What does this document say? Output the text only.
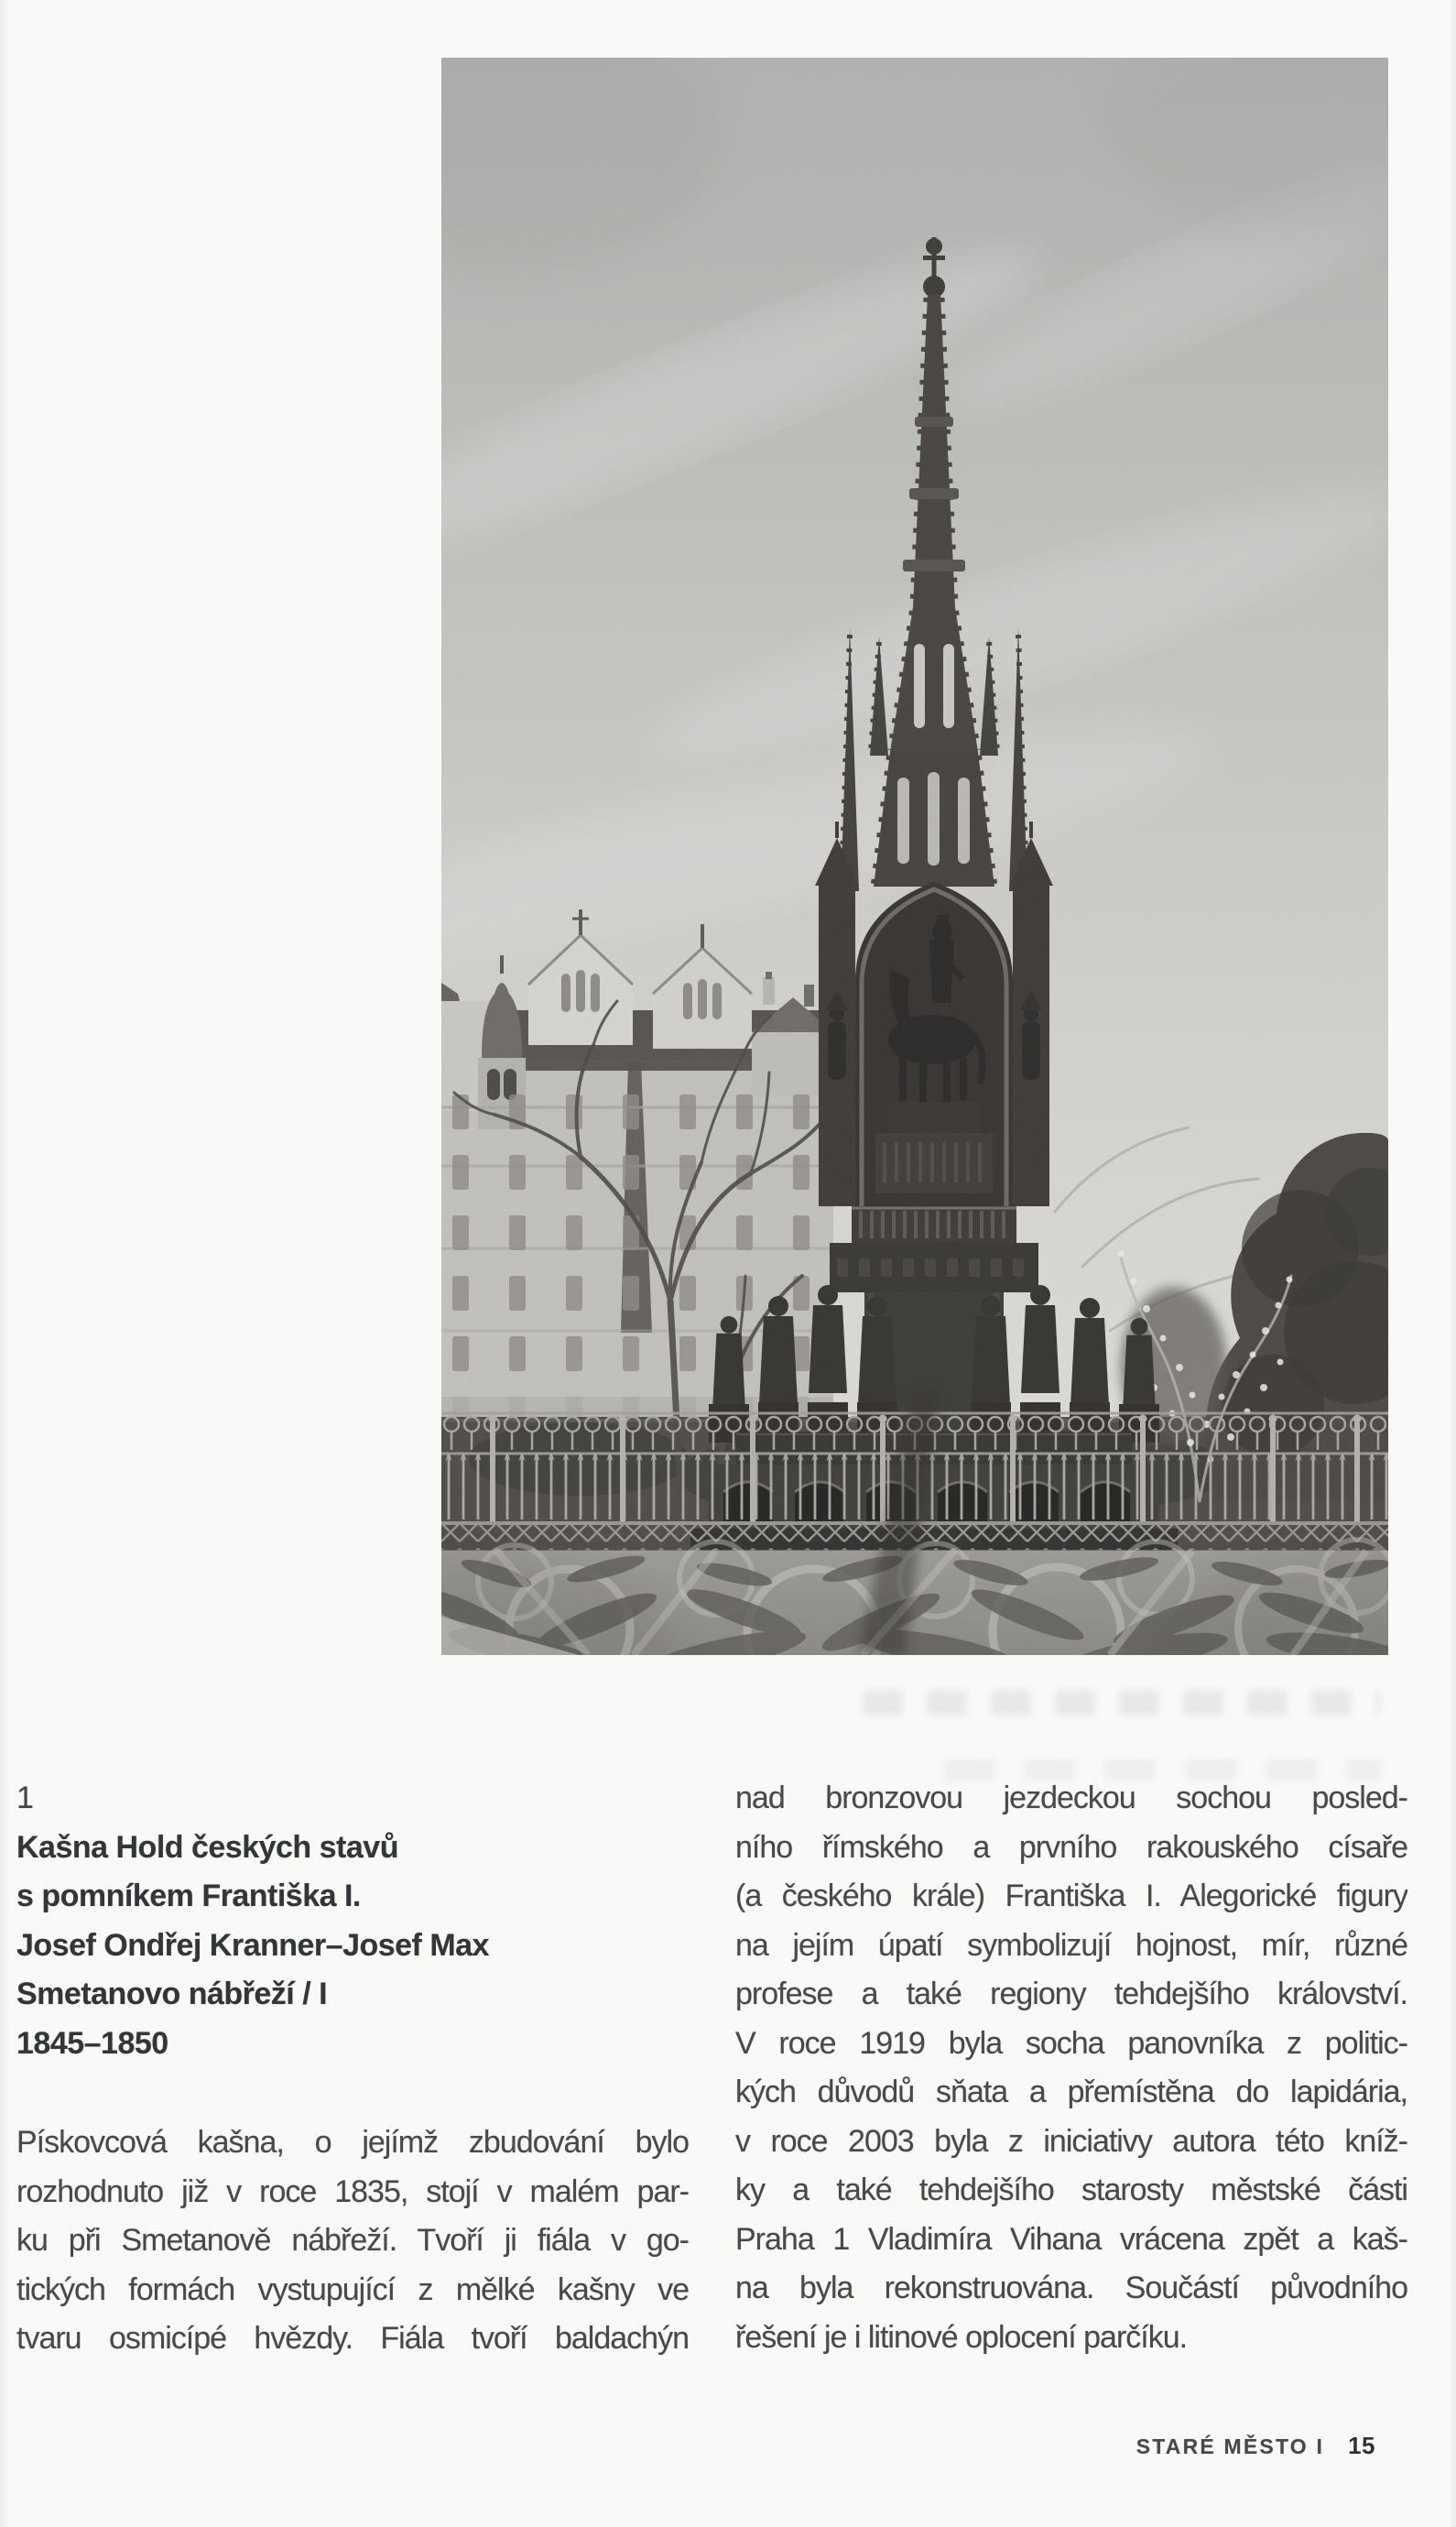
1
Kašna Hold českých stavů
s pomníkem Františka I.
Josef Ondřej Kranner–Josef Max
Smetanovo nábřeží / I
1845–1850
Pískovcová kašna, o jejímž zbudování bylo
rozhodnuto již v roce 1835, stojí v malém par-
ku při Smetanově nábřeží. Tvoří ji fiála v go-
tických formách vystupující z mělké kašny ve
tvaru osmicípé hvězdy. Fiála tvoří baldachýn
nad bronzovou jezdeckou sochou posled-
ního římského a prvního rakouského císaře
(a českého krále) Františka I. Alegorické figury
na jejím úpatí symbolizují hojnost, mír, různé
profese a také regiony tehdejšího království.
V roce 1919 byla socha panovníka z politic-
kých důvodů sňata a přemístěna do lapidária,
v roce 2003 byla z iniciativy autora této kníž-
ky a také tehdejšího starosty městské části
Praha 1 Vladimíra Vihana vrácena zpět a kaš-
na byla rekonstruována. Součástí původního
řešení je i litinové oplocení parčíku.
STARÉ MĚSTO I 15
